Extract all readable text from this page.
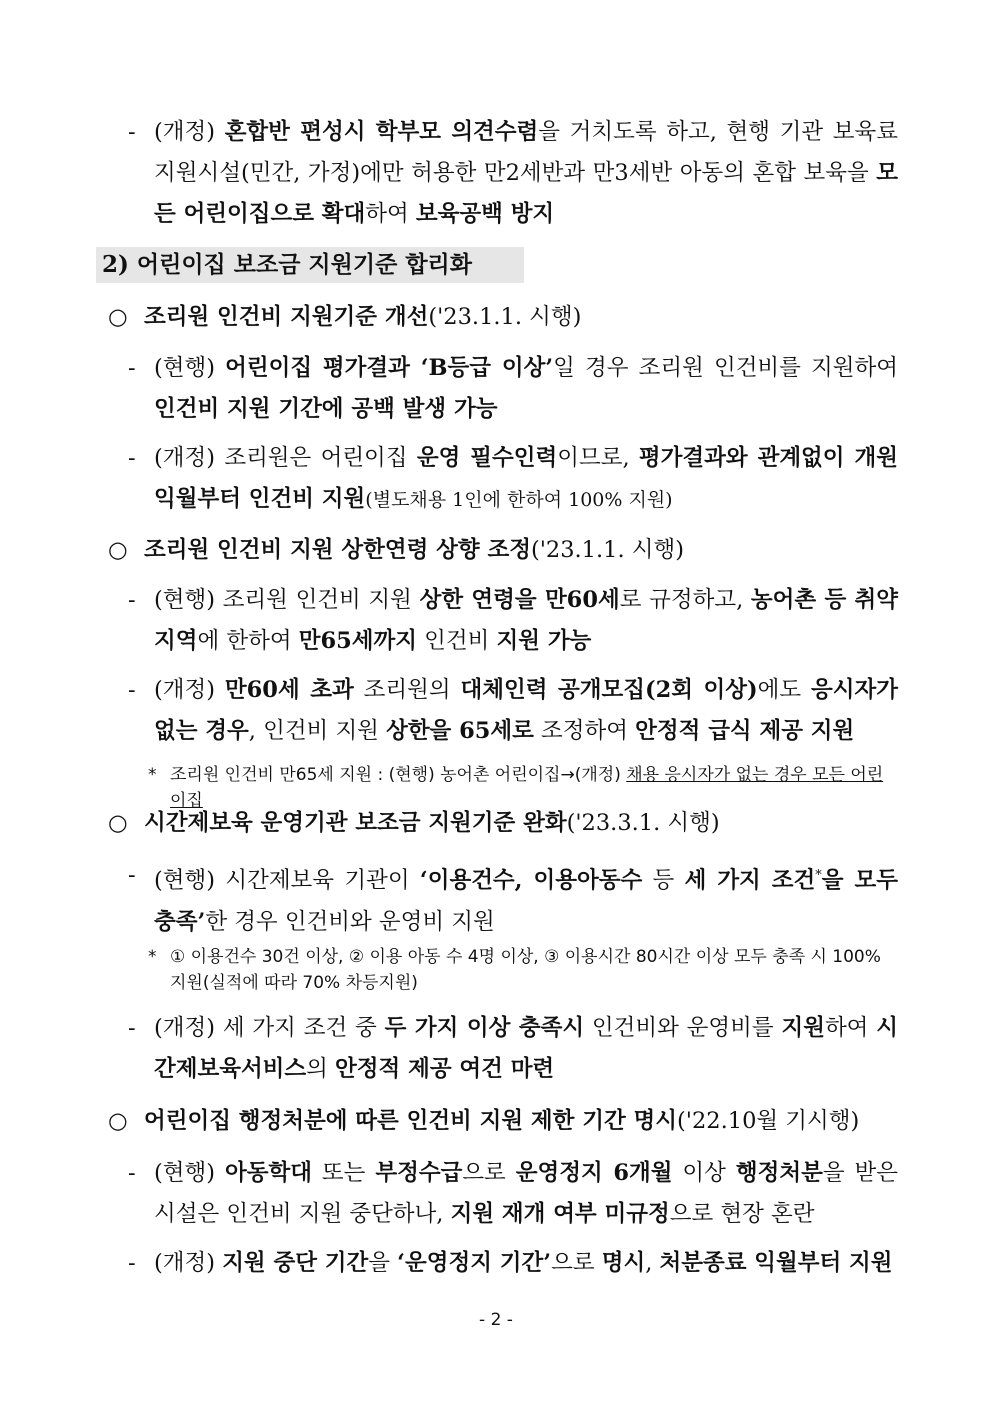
- (개정) 혼합반 편성시 학부모 의견수렴을 거치도록 하고, 현행 기관 보육료 지원시설(민간, 가정)에만 허용한 만2세반과 만3세반 아동의 혼합 보육을 모든 어린이집으로 확대하여 보육공백 방지
2) 어린이집 보조금 지원기준 합리화
○ 조리원 인건비 지원기준 개선('23.1.1. 시행)
- (현행) 어린이집 평가결과 ‘B등급 이상’일 경우 조리원 인건비를 지원하여 인건비 지원 기간에 공백 발생 가능
- (개정) 조리원은 어린이집 운영 필수인력이므로, 평가결과와 관계없이 개원 익월부터 인건비 지원(별도채용 1인에 한하여 100% 지원)
○ 조리원 인건비 지원 상한연령 상향 조정('23.1.1. 시행)
- (현행) 조리원 인건비 지원 상한 연령을 만60세로 규정하고, 농어촌 등 취약지역에 한하여 만65세까지 인건비 지원 가능
- (개정) 만60세 초과 조리원의 대체인력 공개모집(2회 이상)에도 응시자가 없는 경우, 인건비 지원 상한을 65세로 조정하여 안정적 급식 제공 지원
* 조리원 인건비 만65세 지원 : (현행) 농어촌 어린이집→(개정) 채용 응시자가 없는 경우 모든 어린이집
○ 시간제보육 운영기관 보조금 지원기준 완화('23.3.1. 시행)
- (현행) 시간제보육 기관이 ‘이용건수, 이용아동수 등 세 가지 조건*을 모두 충족’한 경우 인건비와 운영비 지원
* ① 이용건수 30건 이상, ② 이용 아동 수 4명 이상, ③ 이용시간 80시간 이상 모두 충족 시 100% 지원(실적에 따라 70% 차등지원)
- (개정) 세 가지 조건 중 두 가지 이상 충족시 인건비와 운영비를 지원하여 시간제보육서비스의 안정적 제공 여건 마련
○ 어린이집 행정처분에 따른 인건비 지원 제한 기간 명시('22.10월 기시행)
- (현행) 아동학대 또는 부정수급으로 운영정지 6개월 이상 행정처분을 받은 시설은 인건비 지원 중단하나, 지원 재개 여부 미규정으로 현장 혼란
- (개정) 지원 중단 기간을 ‘운영정지 기간’으로 명시, 처분종료 익월부터 지원
- 2 -
